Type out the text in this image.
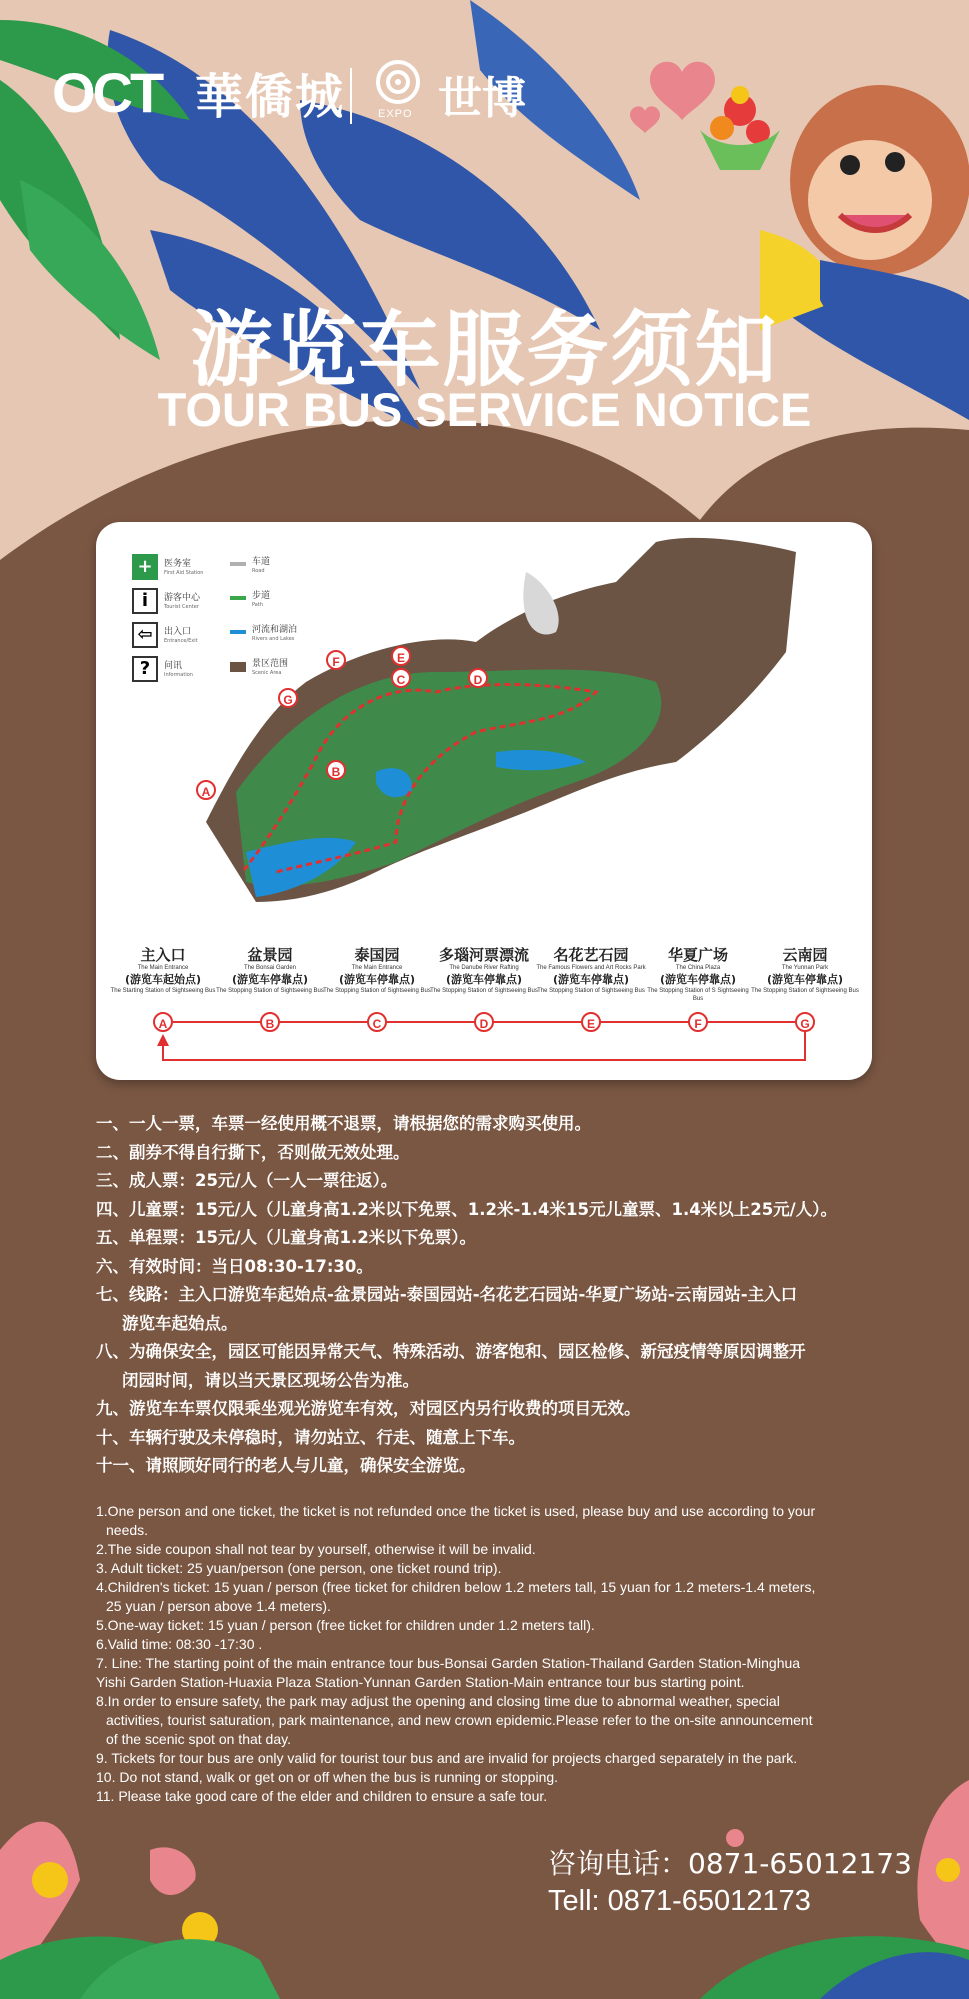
OCT 華僑城	EXPO 世博
游览车服务须知
TOUR BUS SERVICE NOTICE
+	医务室
First Aid Station
i	游客中心
Tourist Center
⇦	出入口
Entrance/Exit
?	问讯
Information
车道
Road
步道
Path
河流和湖泊
Rivers and Lakes
景区范围
Scenic Area
A
B
C	D
E
F
G
主入口
The Main Entrance
(游览车起始点)
The Starting Station of Sightseeing Bus
盆景园
The Bonsai Garden
(游览车停靠点)
The Stopping Station of Sightseeing Bus
泰国园
The Main Entrance
(游览车停靠点)
The Stopping Station of Sightseeing Bus
多瑙河票漂流
The Danube River Rafting
(游览车停靠点)
The Stopping Station of Sightseeing Bus
名花艺石园
The Famous Flowers and Art Rocks Park
(游览车停靠点)
The Stopping Station of Sightseeing Bus
华夏广场
The China Plaza
(游览车停靠点)
The Stopping Station of S Sightseeing Bus
云南园
The Yunnan Park
(游览车停靠点)
The Stopping Station of Sightseeing Bus
A	B	C	D	E	F	G
一、一人一票，车票一经使用概不退票，请根据您的需求购买使用。
二、副券不得自行撕下，否则做无效处理。
三、成人票：25元/人（一人一票往返）。
四、儿童票：15元/人（儿童身高1.2米以下免票、1.2米-1.4米15元儿童票、1.4米以上25元/人）。
五、单程票：15元/人（儿童身高1.2米以下免票）。
六、有效时间：当日08:30-17:30。
七、线路：主入口游览车起始点-盆景园站-泰国园站-名花艺石园站-华夏广场站-云南园站-主入口
游览车起始点。
八、为确保安全，园区可能因异常天气、特殊活动、游客饱和、园区检修、新冠疫情等原因调整开
闭园时间，请以当天景区现场公告为准。
九、游览车车票仅限乘坐观光游览车有效，对园区内另行收费的项目无效。
十、车辆行驶及未停稳时，请勿站立、行走、随意上下车。
十一、请照顾好同行的老人与儿童，确保安全游览。
1.One person and one ticket, the ticket is not refunded once the ticket is used, please buy and use according to your
needs.
2.The side coupon shall not tear by yourself, otherwise it will be invalid.
3. Adult ticket: 25 yuan/person (one person, one ticket round trip).
4.Children's ticket: 15 yuan / person (free ticket for children below 1.2 meters tall, 15 yuan for 1.2 meters-1.4 meters,
25 yuan / person above 1.4 meters).
5.One-way ticket: 15 yuan / person (free ticket for children under 1.2 meters tall).
6.Valid time: 08:30 -17:30 .
7. Line: The starting point of the main entrance tour bus-Bonsai Garden Station-Thailand Garden Station-Minghua
Yishi Garden Station-Huaxia Plaza Station-Yunnan Garden Station-Main entrance tour bus starting point.
8.In order to ensure safety, the park may adjust the opening and closing time due to abnormal weather, special
activities, tourist saturation, park maintenance, and new crown epidemic.Please refer to the on-site announcement
of the scenic spot on that day.
9. Tickets for tour bus are only valid for tourist tour bus and are invalid for projects charged separately in the park.
10. Do not stand, walk or get on or off when the bus is running or stopping.
11. Please take good care of the elder and children to ensure a safe tour.
咨询电话：0871-65012173
Tell: 0871-65012173
